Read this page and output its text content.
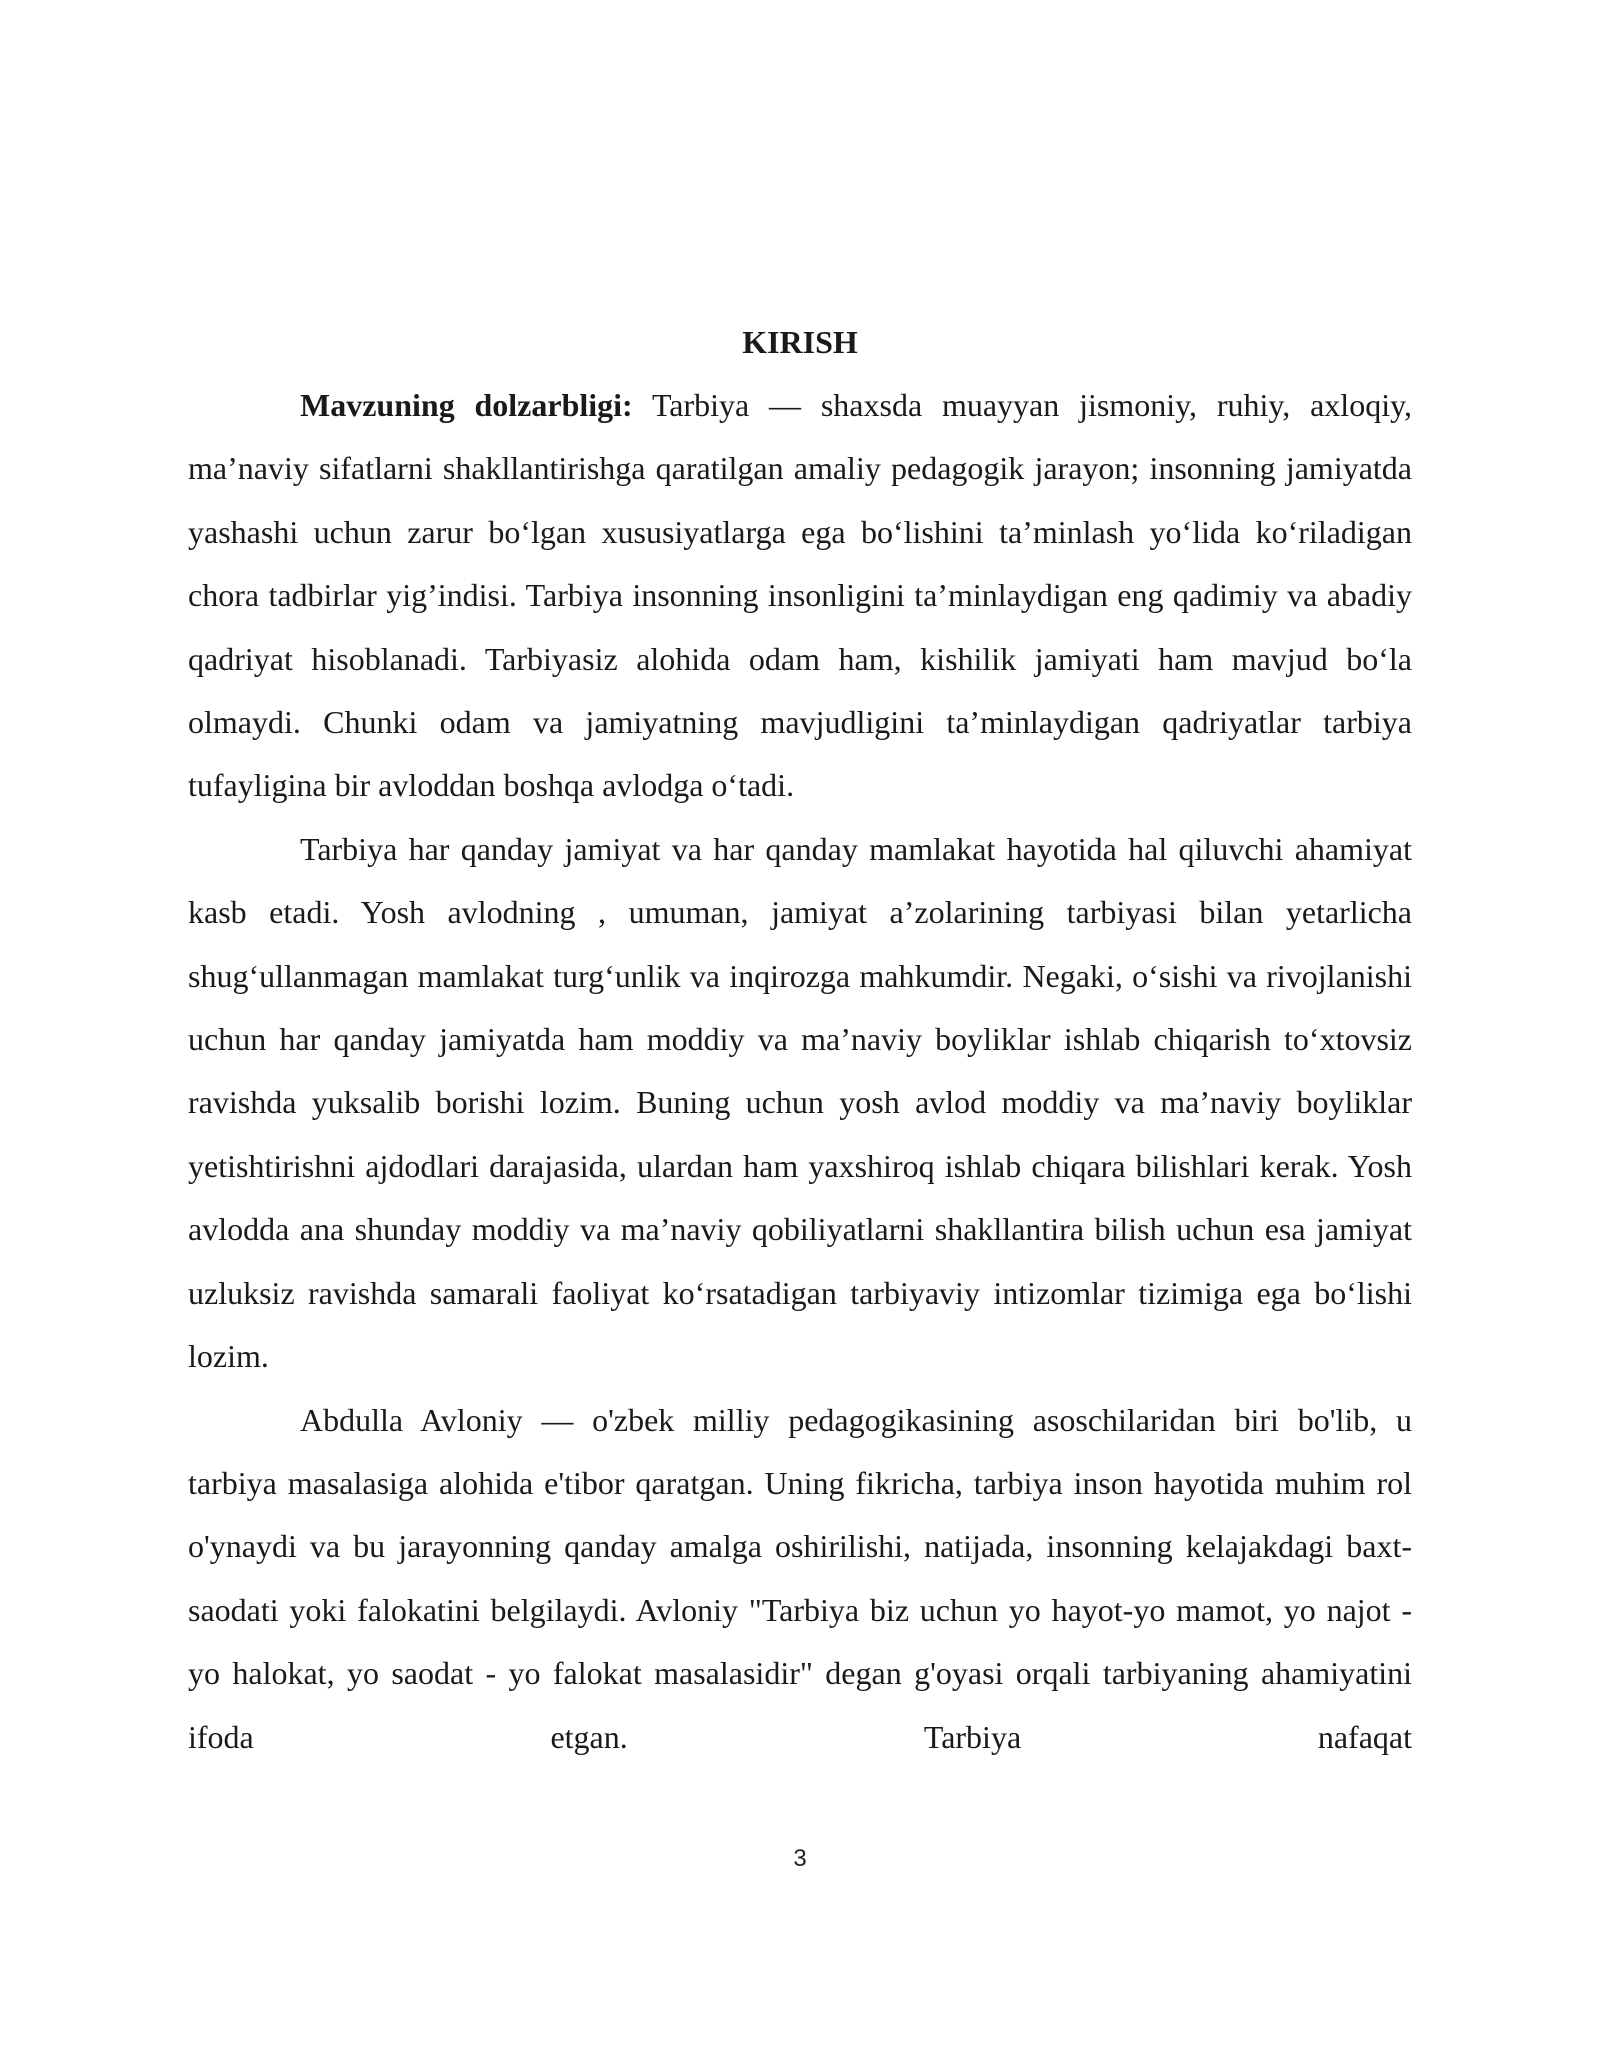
KIRISH

Mavzuning dolzarbligi: Tarbiya — shaxsda muayyan jismoniy, ruhiy, axloqiy, ma’naviy sifatlarni shakllantirishga qaratilgan amaliy pedagogik jarayon; insonning jamiyatda yashashi uchun zarur bo‘lgan xususiyatlarga ega bo‘lishini ta’minlash yo‘lida ko‘riladigan chora tadbirlar yig’indisi. Tarbiya insonning insonligini ta’minlaydigan eng qadimiy va abadiy qadriyat hisoblanadi. Tarbiyasiz alohida odam ham, kishilik jamiyati ham mavjud bo‘la olmaydi. Chunki odam va jamiyatning mavjudligini ta’minlaydigan qadriyatlar tarbiya tufayligina bir avloddan boshqa avlodga o‘tadi.

Tarbiya har qanday jamiyat va har qanday mamlakat hayotida hal qiluvchi ahamiyat kasb etadi. Yosh avlodning , umuman, jamiyat a’zolarining tarbiyasi bilan yetarlicha shug‘ullanmagan mamlakat turg‘unlik va inqirozga mahkumdir. Negaki, o‘sishi va rivojlanishi uchun har qanday jamiyatda ham moddiy va ma’naviy boyliklar ishlab chiqarish to‘xtovsiz ravishda yuksalib borishi lozim. Buning uchun yosh avlod moddiy va ma’naviy boyliklar yetishtirishni ajdodlari darajasida, ulardan ham yaxshiroq ishlab chiqara bilishlari kerak. Yosh avlodda ana shunday moddiy va ma’naviy qobiliyatlarni shakllantira bilish uchun esa jamiyat uzluksiz ravishda samarali faoliyat ko‘rsatadigan tarbiyaviy intizomlar tizimiga ega bo‘lishi lozim.

Abdulla Avloniy — o'zbek milliy pedagogikasining asoschilaridan biri bo'lib, u tarbiya masalasiga alohida e'tibor qaratgan. Uning fikricha, tarbiya inson hayotida muhim rol o'ynaydi va bu jarayonning qanday amalga oshirilishi, natijada, insonning kelajakdagi baxt-saodati yoki falokatini belgilaydi. Avloniy "Tarbiya biz uchun yo hayot-yo mamot, yo najot - yo halokat, yo saodat - yo falokat masalasidir" degan g'oyasi orqali tarbiyaning ahamiyatini ifoda etgan. Tarbiya nafaqat

3
